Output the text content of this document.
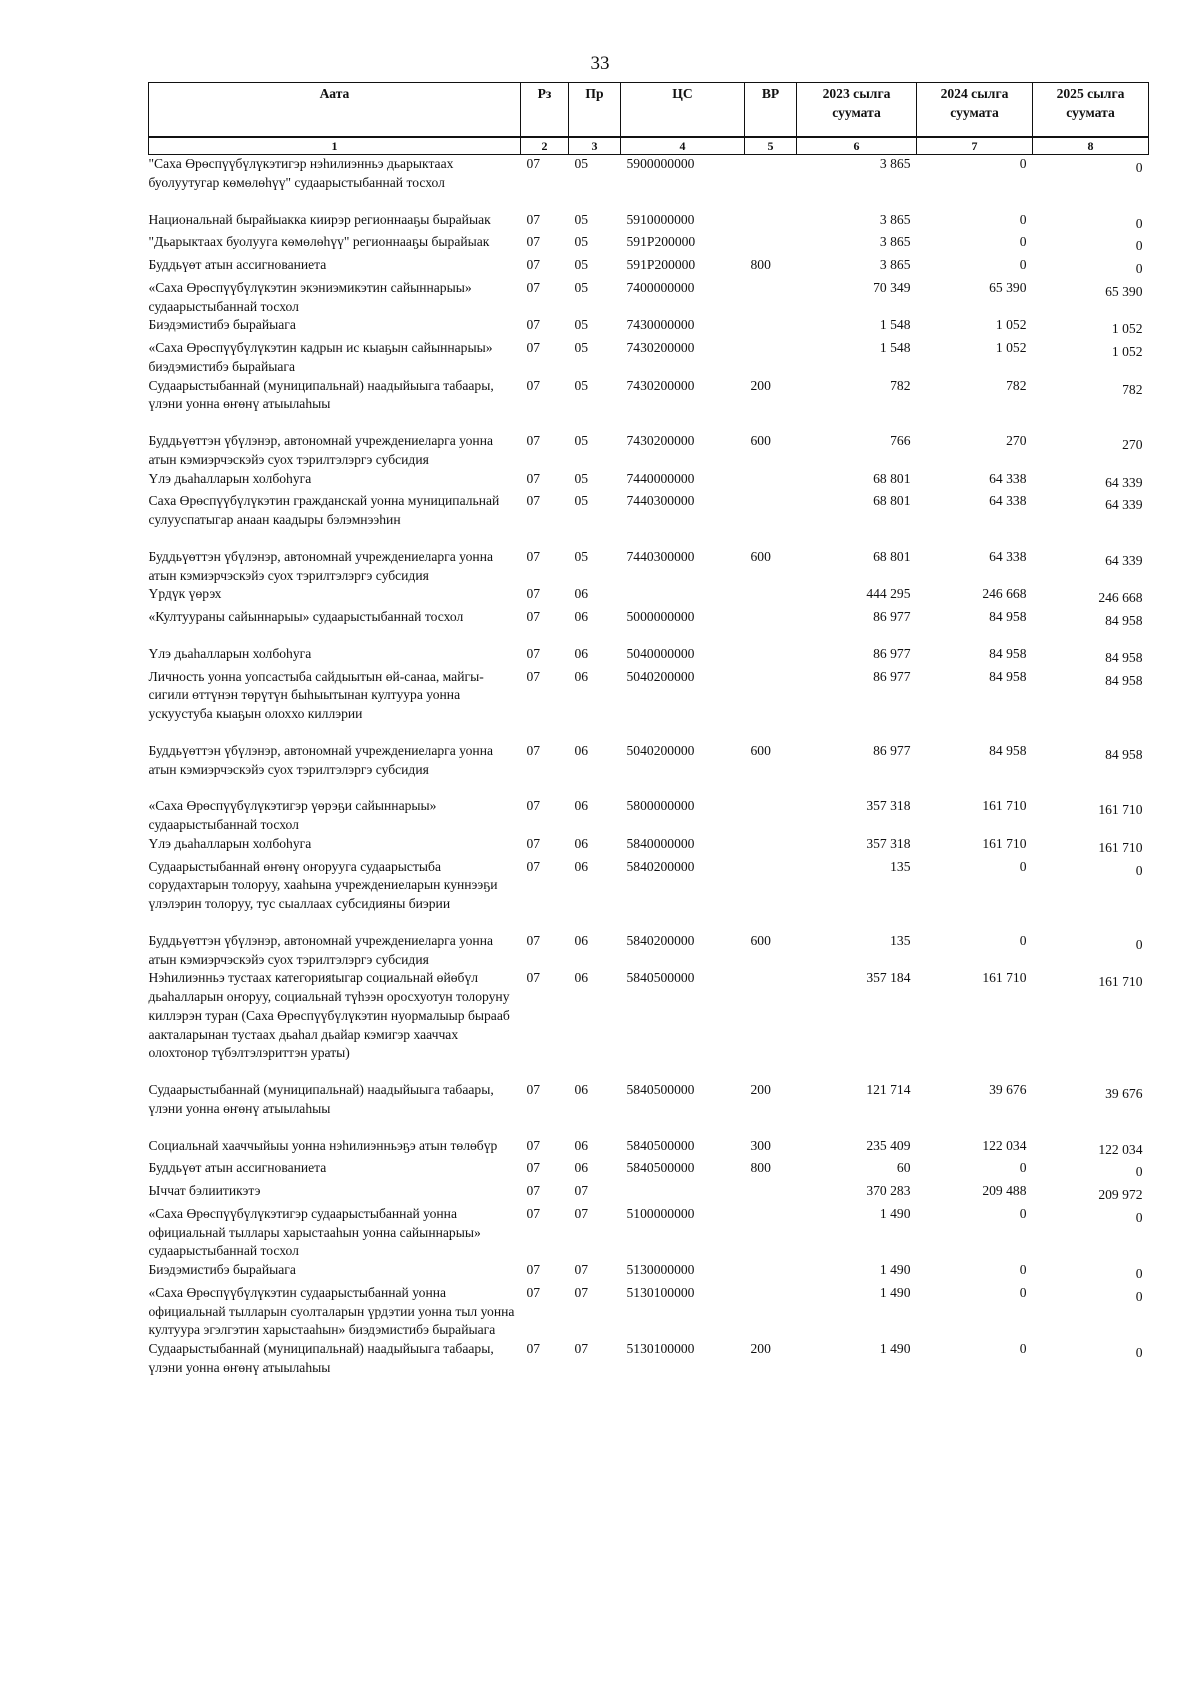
33
Аата	Рз	Пр	ЦС	ВР	2023 сылга суумата	2024 сылга суумата	2025 сылга суумата

1	2	3	4	5	6	7	8
"Саха Өрөспүүбүлүкэтигэр нэһилиэнньэ дьарыктаах буолуутугар көмөлөһүү" судаарыстыбаннай тосхол	07	05	5900000000		3 865	0	0
Национальнай бырайыакка киирэр регионнааҕы бырайыак	07	05	5910000000		3 865	0	0
"Дьарыктаах буолууга көмөлөһүү" регионнааҕы бырайыак	07	05	591P200000		3 865	0	0
Буддьүөт атын ассигнованиета	07	05	591P200000	800	3 865	0	0
«Саха Өрөспүүбүлүкэтин экэниэмикэтин сайыннарыы» судаарыстыбаннай тосхол	07	05	7400000000		70 349	65 390	65 390
Биэдэмистибэ бырайыага	07	05	7430000000		1 548	1 052	1 052
«Саха Өрөспүүбүлүкэтин кадрын ис кыаҕын сайыннарыы» биэдэмистибэ бырайыага	07	05	7430200000		1 548	1 052	1 052
Судаарыстыбаннай (муниципальнай) наадыйыыга табаары, үлэни уонна өҥөнү атыылаһыы	07	05	7430200000	200	782	782	782
Буддьүөттэн үбүлэнэр, автономнай учреждениеларга уонна атын кэмиэрчэскэйэ суох тэрилтэлэргэ субсидия	07	05	7430200000	600	766	270	270
Үлэ дьаһалларын холбоһуга	07	05	7440000000		68 801	64 338	64 339
Саха Өрөспүүбүлүкэтин гражданскай уонна муниципальнай сулууспатыгар анаан каадыры бэлэмнээһин	07	05	7440300000		68 801	64 338	64 339
Буддьүөттэн үбүлэнэр, автономнай учреждениеларга уонна атын кэмиэрчэскэйэ суох тэрилтэлэргэ субсидия	07	05	7440300000	600	68 801	64 338	64 339
Үрдүк үөрэх	07	06			444 295	246 668	246 668
«Култуураны сайыннарыы» судаарыстыбаннай тосхол	07	06	5000000000		86 977	84 958	84 958
Үлэ дьаһалларын холбоһуга	07	06	5040000000		86 977	84 958	84 958
Личность уонна уопсастыба сайдыытын өй-санаа, майгы-сигили өттүнэн төрүтүн быһыытынан култуура уонна ускуустуба кыаҕын олоххо киллэрии	07	06	5040200000		86 977	84 958	84 958
Буддьүөттэн үбүлэнэр, автономнай учреждениеларга уонна атын кэмиэрчэскэйэ суох тэрилтэлэргэ субсидия	07	06	5040200000	600	86 977	84 958	84 958
«Саха Өрөспүүбүлүкэтигэр үөрэҕи сайыннарыы» судаарыстыбаннай тосхол	07	06	5800000000		357 318	161 710	161 710
Үлэ дьаһалларын холбоһуга	07	06	5840000000		357 318	161 710	161 710
Судаарыстыбаннай өҥөнү оҥорууга судаарыстыба сорудахтарын толоруу, хааһына учреждениеларын куннээҕи үлэлэрин толоруу, тус сыаллаах субсидияны биэрии	07	06	5840200000		135	0	0
Буддьүөттэн үбүлэнэр, автономнай учреждениеларга уонна атын кэмиэрчэскэйэ суох тэрилтэлэргэ субсидия	07	06	5840200000	600	135	0	0
Нэһилиэнньэ тустаах категорияtыгар социальнай өйөбүл дьаһалларын оҥоруу, социальнай түһээн оросхуотун толоруну киллэрэн туран (Саха Өрөспүүбүлүкэтин нуормалыыр бырааб аакталарынан тустаах дьаһал дьайар кэмигэр хааччах олохтонор түбэлтэлэриттэн ураты)	07	06	5840500000		357 184	161 710	161 710
Судаарыстыбаннай (муниципальнай) наадыйыыга табаары, үлэни уонна өҥөнү атыылаһыы	07	06	5840500000	200	121 714	39 676	39 676
Социальнай хааччыйыы уонна нэһилиэнньэҕэ атын төлөбүр	07	06	5840500000	300	235 409	122 034	122 034
Буддьүөт атын ассигнованиета	07	06	5840500000	800	60	0	0
Ыччат бэлиитикэтэ	07	07			370 283	209 488	209 972
«Саха Өрөспүүбүлүкэтигэр судаарыстыбаннай уонна официальнай тыллары харыстааһын уонна сайыннарыы» судаарыстыбаннай тосхол	07	07	5100000000		1 490	0	0
Биэдэмистибэ бырайыага	07	07	5130000000		1 490	0	0
«Саха Өрөспүүбүлүкэтин судаарыстыбаннай уонна официальнай тылларын суолталарын үрдэтии уонна тыл уонна култуура эгэлгэтин харыстааһын» биэдэмистибэ бырайыага	07	07	5130100000		1 490	0	0
Судаарыстыбаннай (муниципальнай) наадыйыыга табаары, үлэни уонна өҥөнү атыылаһыы	07	07	5130100000	200	1 490	0	0
